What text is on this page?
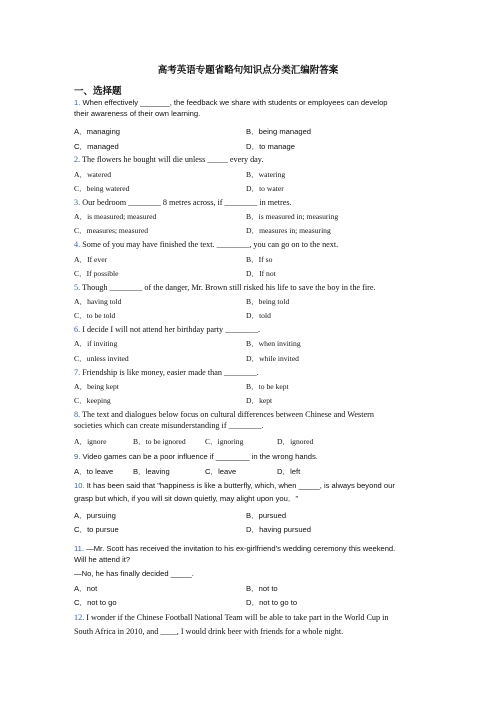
高考英语专题省略句知识点分类汇编附答案
一、选择题
1. When effectively _______, the feedback we share with students or employees can develop
their awareness of their own learning.
A．managing	B．being managed
C．managed	D．to manage
2. The flowers he bought will die unless _____ every day.
A．watered	B．watering
C．being watered	D．to water
3. Our bedroom ________ 8 metres across, if ________ in metres.
A．is measured; measured	B．is measured in; measuring
C．measures; measured	D．measures in; measuring
4. Some of you may have finished the text. ________, you can go on to the next.
A．If ever	B．If so
C．If possible	D．If not
5. Though ________ of the danger, Mr. Brown still risked his life to save the boy in the fire.
A．having told	B．being told
C．to be told	D．told
6. I decide I will not attend her birthday party ________.
A．if inviting	B．when inviting
C．unless invited	D．while invited
7. Friendship is like money, easier made than ________.
A．being kept	B．to be kept
C．keeping	D．kept
8. The text and dialogues below focus on cultural differences between Chinese and Western
societies which can create misunderstanding if ________.
A．ignore	B．to be ignored	C．ignoring	D．ignored
9. Video games can be a poor influence if ________ in the wrong hands.
A．to leave	B．leaving	C．leave	D．left
10. It has been said that "happiness is like a butterfly, which, when _____, is always beyond our
grasp but which, if you will sit down quietly, may alight upon you．"
A．pursuing	B．pursued
C．to pursue	D．having pursued
11. —Mr. Scott has received the invitation to his ex-girlfriend's wedding ceremony this weekend.
Will he attend it?
—No, he has finally decided _____.
A．not	B．not to
C．not to go	D．not to go to
12. I wonder if the Chinese Football National Team will be able to take part in the World Cup in
South Africa in 2010, and ____, I would drink beer with friends for a whole night.
